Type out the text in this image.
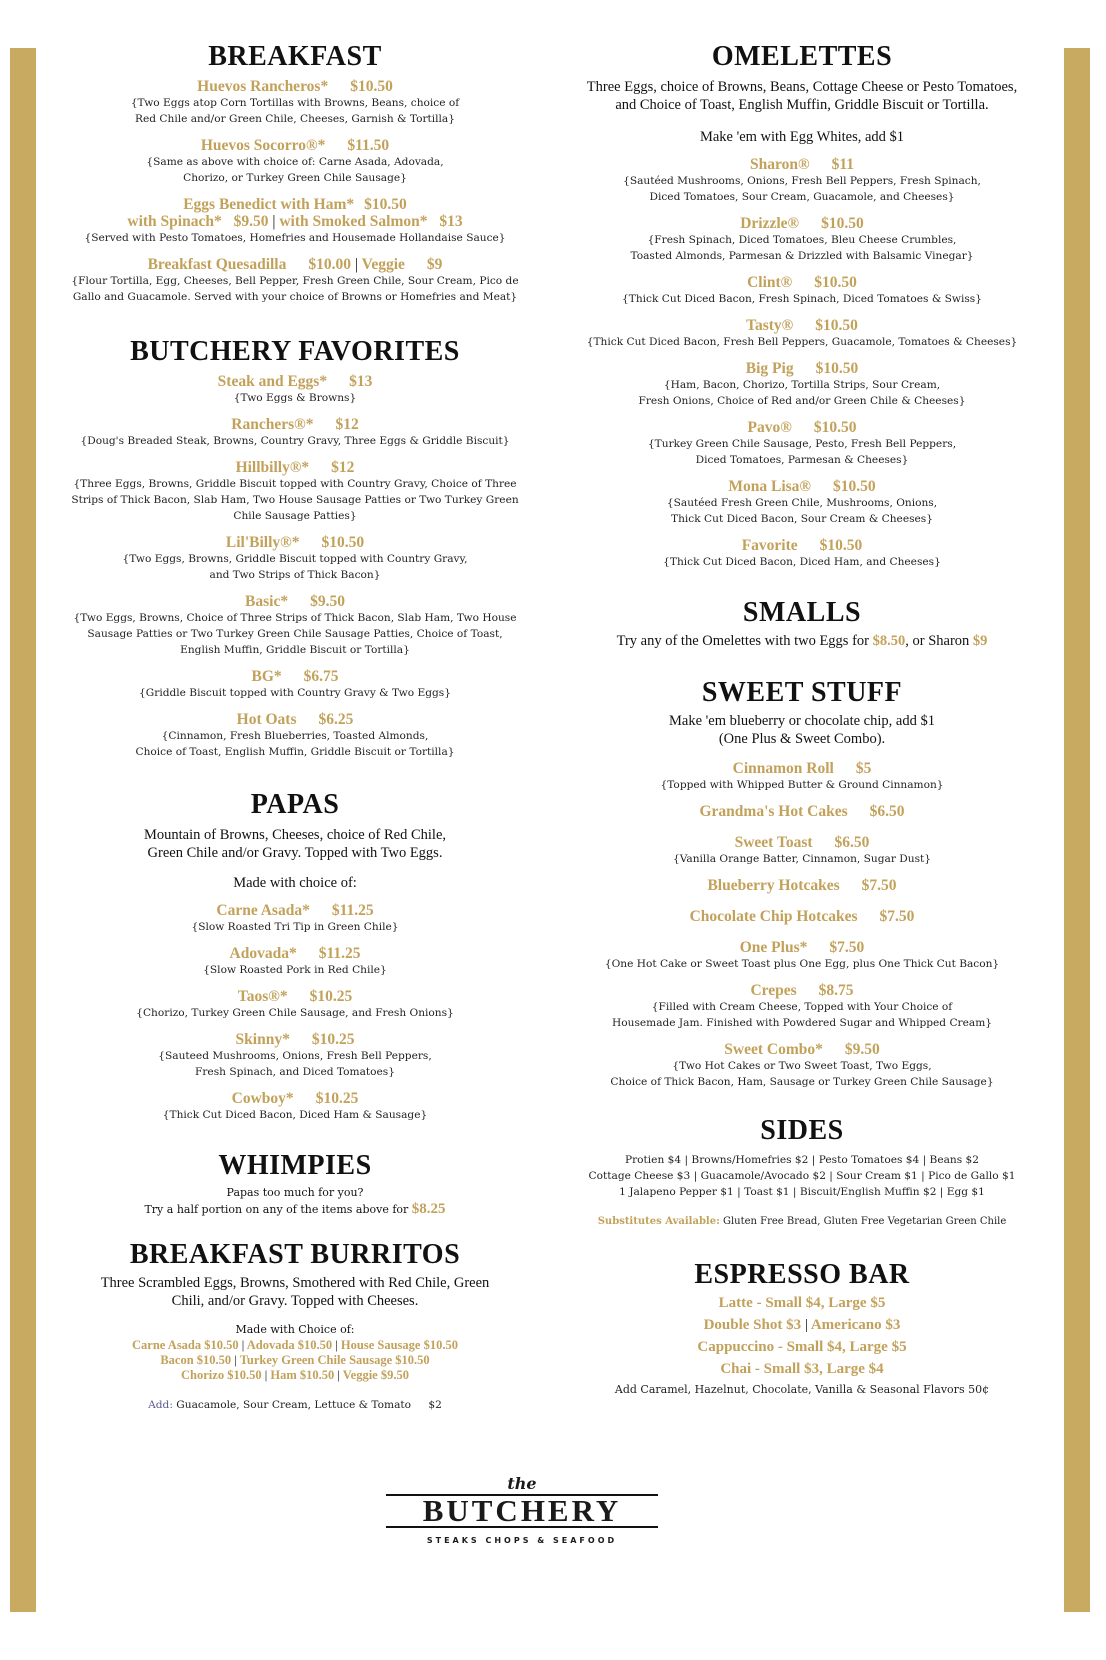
BREAKFAST

Huevos Rancheros* $10.50

{Two Eggs atop Corn Tortillas with Browns, Beans, choice of
Red Chile and/or Green Chile, Cheeses, Garnish & Tortilla}

Huevos Socorro®* $11.50

{Same as above with choice of: Carne Asada, Adovada,
Chorizo, or Turkey Green Chile Sausage}

Eggs Benedict with Ham* $10.50

with Spinach* $9.50 | with Smoked Salmon* $13

{Served with Pesto Tomatoes, Homefries and Housemade Hollandaise Sauce}

Breakfast Quesadilla $10.00 | Veggie $9

{Flour Tortilla, Egg, Cheeses, Bell Pepper, Fresh Green Chile, Sour Cream, Pico de
Gallo and Guacamole. Served with your choice of Browns or Homefries and Meat}

BUTCHERY FAVORITES

Steak and Eggs* $13

{Two Eggs & Browns}

Ranchers®* $12

{Doug's Breaded Steak, Browns, Country Gravy, Three Eggs & Griddle Biscuit}

Hillbilly®* $12

{Three Eggs, Browns, Griddle Biscuit topped with Country Gravy, Choice of Three
Strips of Thick Bacon, Slab Ham, Two House Sausage Patties or Two Turkey Green
Chile Sausage Patties}

Lil'Billy®* $10.50

{Two Eggs, Browns, Griddle Biscuit topped with Country Gravy,
and Two Strips of Thick Bacon}

Basic* $9.50

{Two Eggs, Browns, Choice of Three Strips of Thick Bacon, Slab Ham, Two House
Sausage Patties or Two Turkey Green Chile Sausage Patties, Choice of Toast,
English Muffin, Griddle Biscuit or Tortilla}

BG* $6.75

{Griddle Biscuit topped with Country Gravy & Two Eggs}

Hot Oats $6.25

{Cinnamon, Fresh Blueberries, Toasted Almonds,
Choice of Toast, English Muffin, Griddle Biscuit or Tortilla}

PAPAS

Mountain of Browns, Cheeses, choice of Red Chile,
Green Chile and/or Gravy. Topped with Two Eggs.

Made with choice of:

Carne Asada* $11.25

{Slow Roasted Tri Tip in Green Chile}

Adovada* $11.25

{Slow Roasted Pork in Red Chile}

Taos®* $10.25

{Chorizo, Turkey Green Chile Sausage, and Fresh Onions}

Skinny* $10.25

{Sauteed Mushrooms, Onions, Fresh Bell Peppers,
Fresh Spinach, and Diced Tomatoes}

Cowboy* $10.25

{Thick Cut Diced Bacon, Diced Ham & Sausage}

WHIMPIES

Papas too much for you?

Try a half portion on any of the items above for $8.25

BREAKFAST BURRITOS

Three Scrambled Eggs, Browns, Smothered with Red Chile, Green
Chili, and/or Gravy. Topped with Cheeses.

Made with Choice of:

Carne Asada $10.50 | Adovada $10.50 | House Sausage $10.50

Bacon $10.50 | Turkey Green Chile Sausage $10.50

Chorizo $10.50 | Ham $10.50 | Veggie $9.50

Add: Guacamole, Sour Cream, Lettuce & Tomato $2

OMELETTES

Three Eggs, choice of Browns, Beans, Cottage Cheese or Pesto Tomatoes,
and Choice of Toast, English Muffin, Griddle Biscuit or Tortilla.

Make 'em with Egg Whites, add $1

Sharon® $11

{Sautéed Mushrooms, Onions, Fresh Bell Peppers, Fresh Spinach,
Diced Tomatoes, Sour Cream, Guacamole, and Cheeses}

Drizzle® $10.50

{Fresh Spinach, Diced Tomatoes, Bleu Cheese Crumbles,
Toasted Almonds, Parmesan & Drizzled with Balsamic Vinegar}

Clint® $10.50

{Thick Cut Diced Bacon, Fresh Spinach, Diced Tomatoes & Swiss}

Tasty® $10.50

{Thick Cut Diced Bacon, Fresh Bell Peppers, Guacamole, Tomatoes & Cheeses}

Big Pig $10.50

{Ham, Bacon, Chorizo, Tortilla Strips, Sour Cream,
Fresh Onions, Choice of Red and/or Green Chile & Cheeses}

Pavo® $10.50

{Turkey Green Chile Sausage, Pesto, Fresh Bell Peppers,
Diced Tomatoes, Parmesan & Cheeses}

Mona Lisa® $10.50

{Sautéed Fresh Green Chile, Mushrooms, Onions,
Thick Cut Diced Bacon, Sour Cream & Cheeses}

Favorite $10.50

{Thick Cut Diced Bacon, Diced Ham, and Cheeses}

SMALLS

Try any of the Omelettes with two Eggs for $8.50, or Sharon $9

SWEET STUFF

Make 'em blueberry or chocolate chip, add $1
(One Plus & Sweet Combo).

Cinnamon Roll $5

{Topped with Whipped Butter & Ground Cinnamon}

Grandma's Hot Cakes $6.50

Sweet Toast $6.50

{Vanilla Orange Batter, Cinnamon, Sugar Dust}

Blueberry Hotcakes $7.50

Chocolate Chip Hotcakes $7.50

One Plus* $7.50

{One Hot Cake or Sweet Toast plus One Egg, plus One Thick Cut Bacon}

Crepes $8.75

{Filled with Cream Cheese, Topped with Your Choice of
Housemade Jam. Finished with Powdered Sugar and Whipped Cream}

Sweet Combo* $9.50

{Two Hot Cakes or Two Sweet Toast, Two Eggs,
Choice of Thick Bacon, Ham, Sausage or Turkey Green Chile Sausage}

SIDES

Protien $4 | Browns/Homefries $2 | Pesto Tomatoes $4 | Beans $2

Cottage Cheese $3 | Guacamole/Avocado $2 | Sour Cream $1 | Pico de Gallo $1

1 Jalapeno Pepper $1 | Toast $1 | Biscuit/English Muffin $2 | Egg $1

Substitutes Available: Gluten Free Bread, Gluten Free Vegetarian Green Chile

ESPRESSO BAR

Latte - Small $4, Large $5

Double Shot $3 | Americano $3

Cappuccino - Small $4, Large $5

Chai - Small $3, Large $4

Add Caramel, Hazelnut, Chocolate, Vanilla & Seasonal Flavors 50¢

the
BUTCHERY
STEAKS CHOPS & SEAFOOD
